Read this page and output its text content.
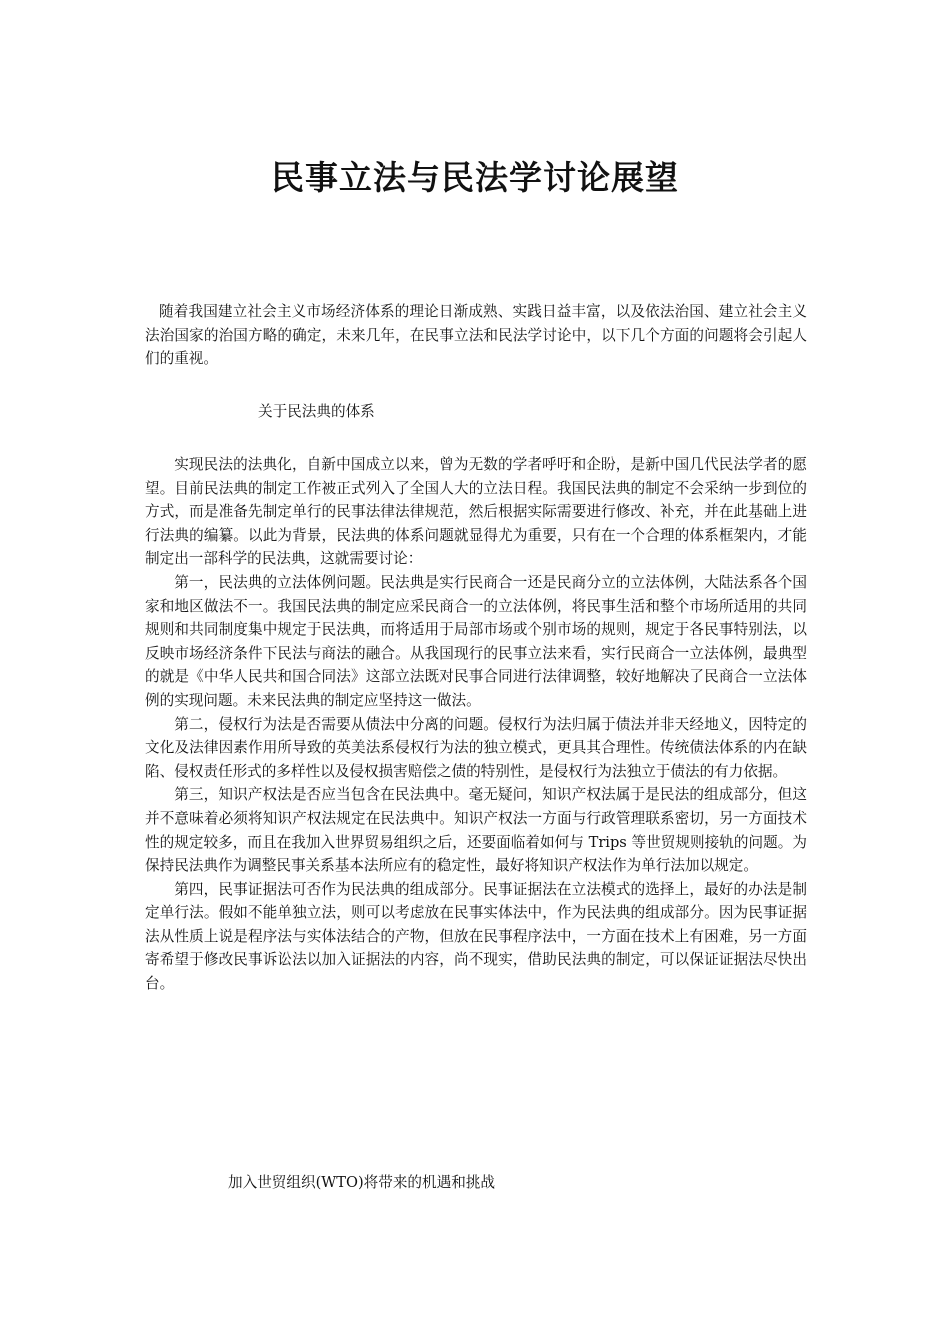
民事立法与民法学讨论展望

随着我国建立社会主义市场经济体系的理论日渐成熟、实践日益丰富，以及依法治国、建立社会主义法治国家的治国方略的确定，未来几年，在民事立法和民法学讨论中，以下几个方面的问题将会引起人们的重视。

关于民法典的体系

实现民法的法典化，自新中国成立以来，曾为无数的学者呼吁和企盼，是新中国几代民法学者的愿望。目前民法典的制定工作被正式列入了全国人大的立法日程。我国民法典的制定不会采纳一步到位的方式，而是准备先制定单行的民事法律法律规范，然后根据实际需要进行修改、补充，并在此基础上进行法典的编纂。以此为背景，民法典的体系问题就显得尤为重要，只有在一个合理的体系框架内，才能制定出一部科学的民法典，这就需要讨论：

第一，民法典的立法体例问题。民法典是实行民商合一还是民商分立的立法体例，大陆法系各个国家和地区做法不一。我国民法典的制定应采民商合一的立法体例，将民事生活和整个市场所适用的共同规则和共同制度集中规定于民法典，而将适用于局部市场或个别市场的规则，规定于各民事特别法，以反映市场经济条件下民法与商法的融合。从我国现行的民事立法来看，实行民商合一立法体例，最典型的就是《中华人民共和国合同法》这部立法既对民事合同进行法律调整，较好地解决了民商合一立法体例的实现问题。未来民法典的制定应坚持这一做法。

第二，侵权行为法是否需要从债法中分离的问题。侵权行为法归属于债法并非天经地义，因特定的文化及法律因素作用所导致的英美法系侵权行为法的独立模式，更具其合理性。传统债法体系的内在缺陷、侵权责任形式的多样性以及侵权损害赔偿之债的特别性，是侵权行为法独立于债法的有力依据。

第三，知识产权法是否应当包含在民法典中。毫无疑问，知识产权法属于是民法的组成部分，但这并不意味着必须将知识产权法规定在民法典中。知识产权法一方面与行政管理联系密切，另一方面技术性的规定较多，而且在我加入世界贸易组织之后，还要面临着如何与 Trips 等世贸规则接轨的问题。为保持民法典作为调整民事关系基本法所应有的稳定性，最好将知识产权法作为单行法加以规定。

第四，民事证据法可否作为民法典的组成部分。民事证据法在立法模式的选择上，最好的办法是制定单行法。假如不能单独立法，则可以考虑放在民事实体法中，作为民法典的组成部分。因为民事证据法从性质上说是程序法与实体法结合的产物，但放在民事程序法中，一方面在技术上有困难，另一方面寄希望于修改民事诉讼法以加入证据法的内容，尚不现实，借助民法典的制定，可以保证证据法尽快出台。

加入世贸组织(WTO)将带来的机遇和挑战
